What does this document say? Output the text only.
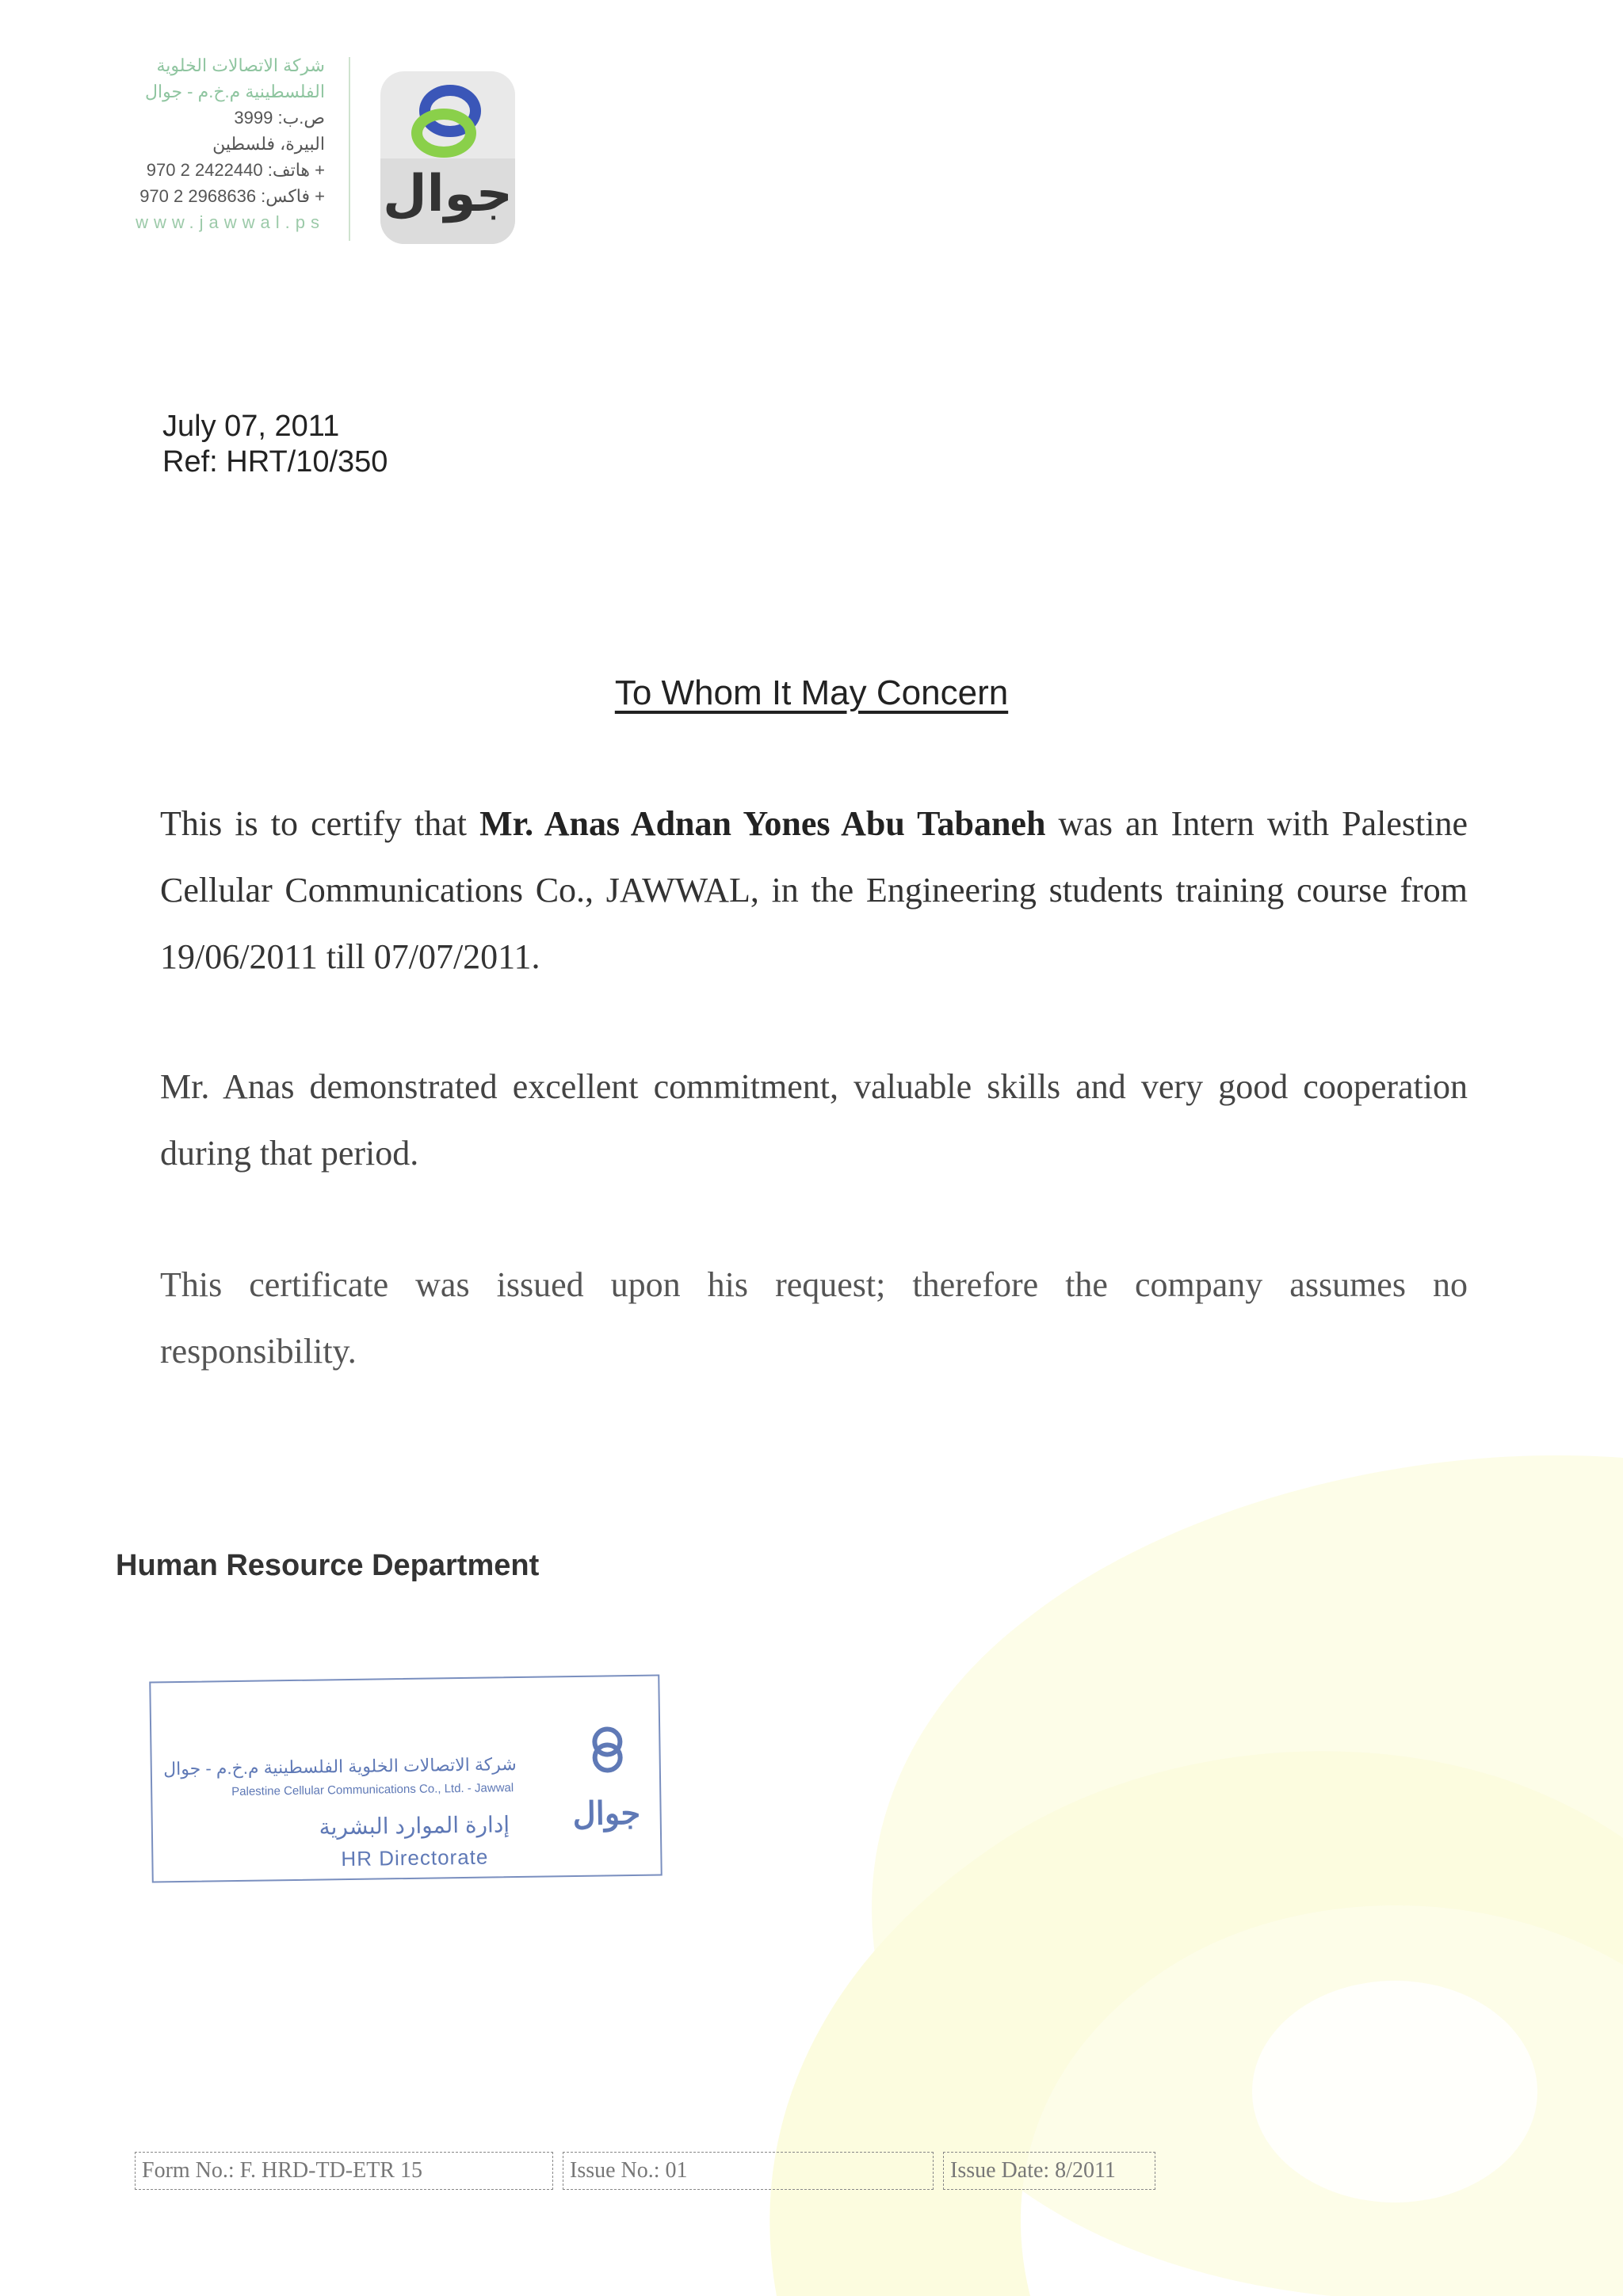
شركة الاتصالات الخلوية
الفلسطينية م.خ.م - جوال
ص.ب: 3999
البيرة، فلسطين
هاتف: 2422440 2 970 +
فاكس: 2968636 2 970 +
www.jawwal.ps جوال
July 07, 2011
Ref: HRT/10/350
To Whom It May Concern
This is to certify that Mr. Anas Adnan Yones Abu Tabaneh was an Intern with Palestine Cellular Communications Co., JAWWAL, in the Engineering students training course from 19/06/2011 till 07/07/2011.
Mr. Anas demonstrated excellent commitment, valuable skills and very good cooperation during that period.
This certificate was issued upon his request; therefore the company assumes no responsibility.
Human Resource Department
جوال
شركة الاتصالات الخلوية الفلسطينية م.خ.م - جوال
Palestine Cellular Communications Co., Ltd. - Jawwal
إدارة الموارد البشرية
HR Directorate
Form No.: F. HRD-TD-ETR 15	Issue No.: 01	Issue Date: 8/2011
